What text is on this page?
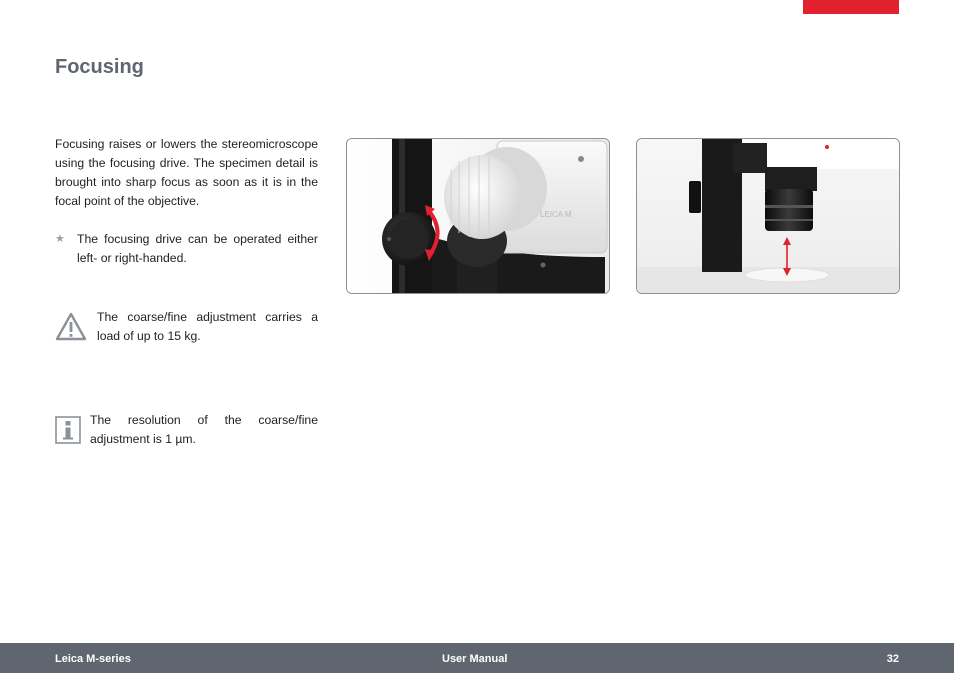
Focusing
Focusing raises or lowers the stereomicroscope using the focusing drive. The specimen detail is brought into sharp focus as soon as it is in the focal point of the objective.
★ The focusing drive can be operated either left- or right-handed.
The coarse/fine adjustment carries a load of up to 15 kg.
The resolution of the coarse/fine adjustment is 1 µm.
LEICA M
Leica M-series	User Manual	32
